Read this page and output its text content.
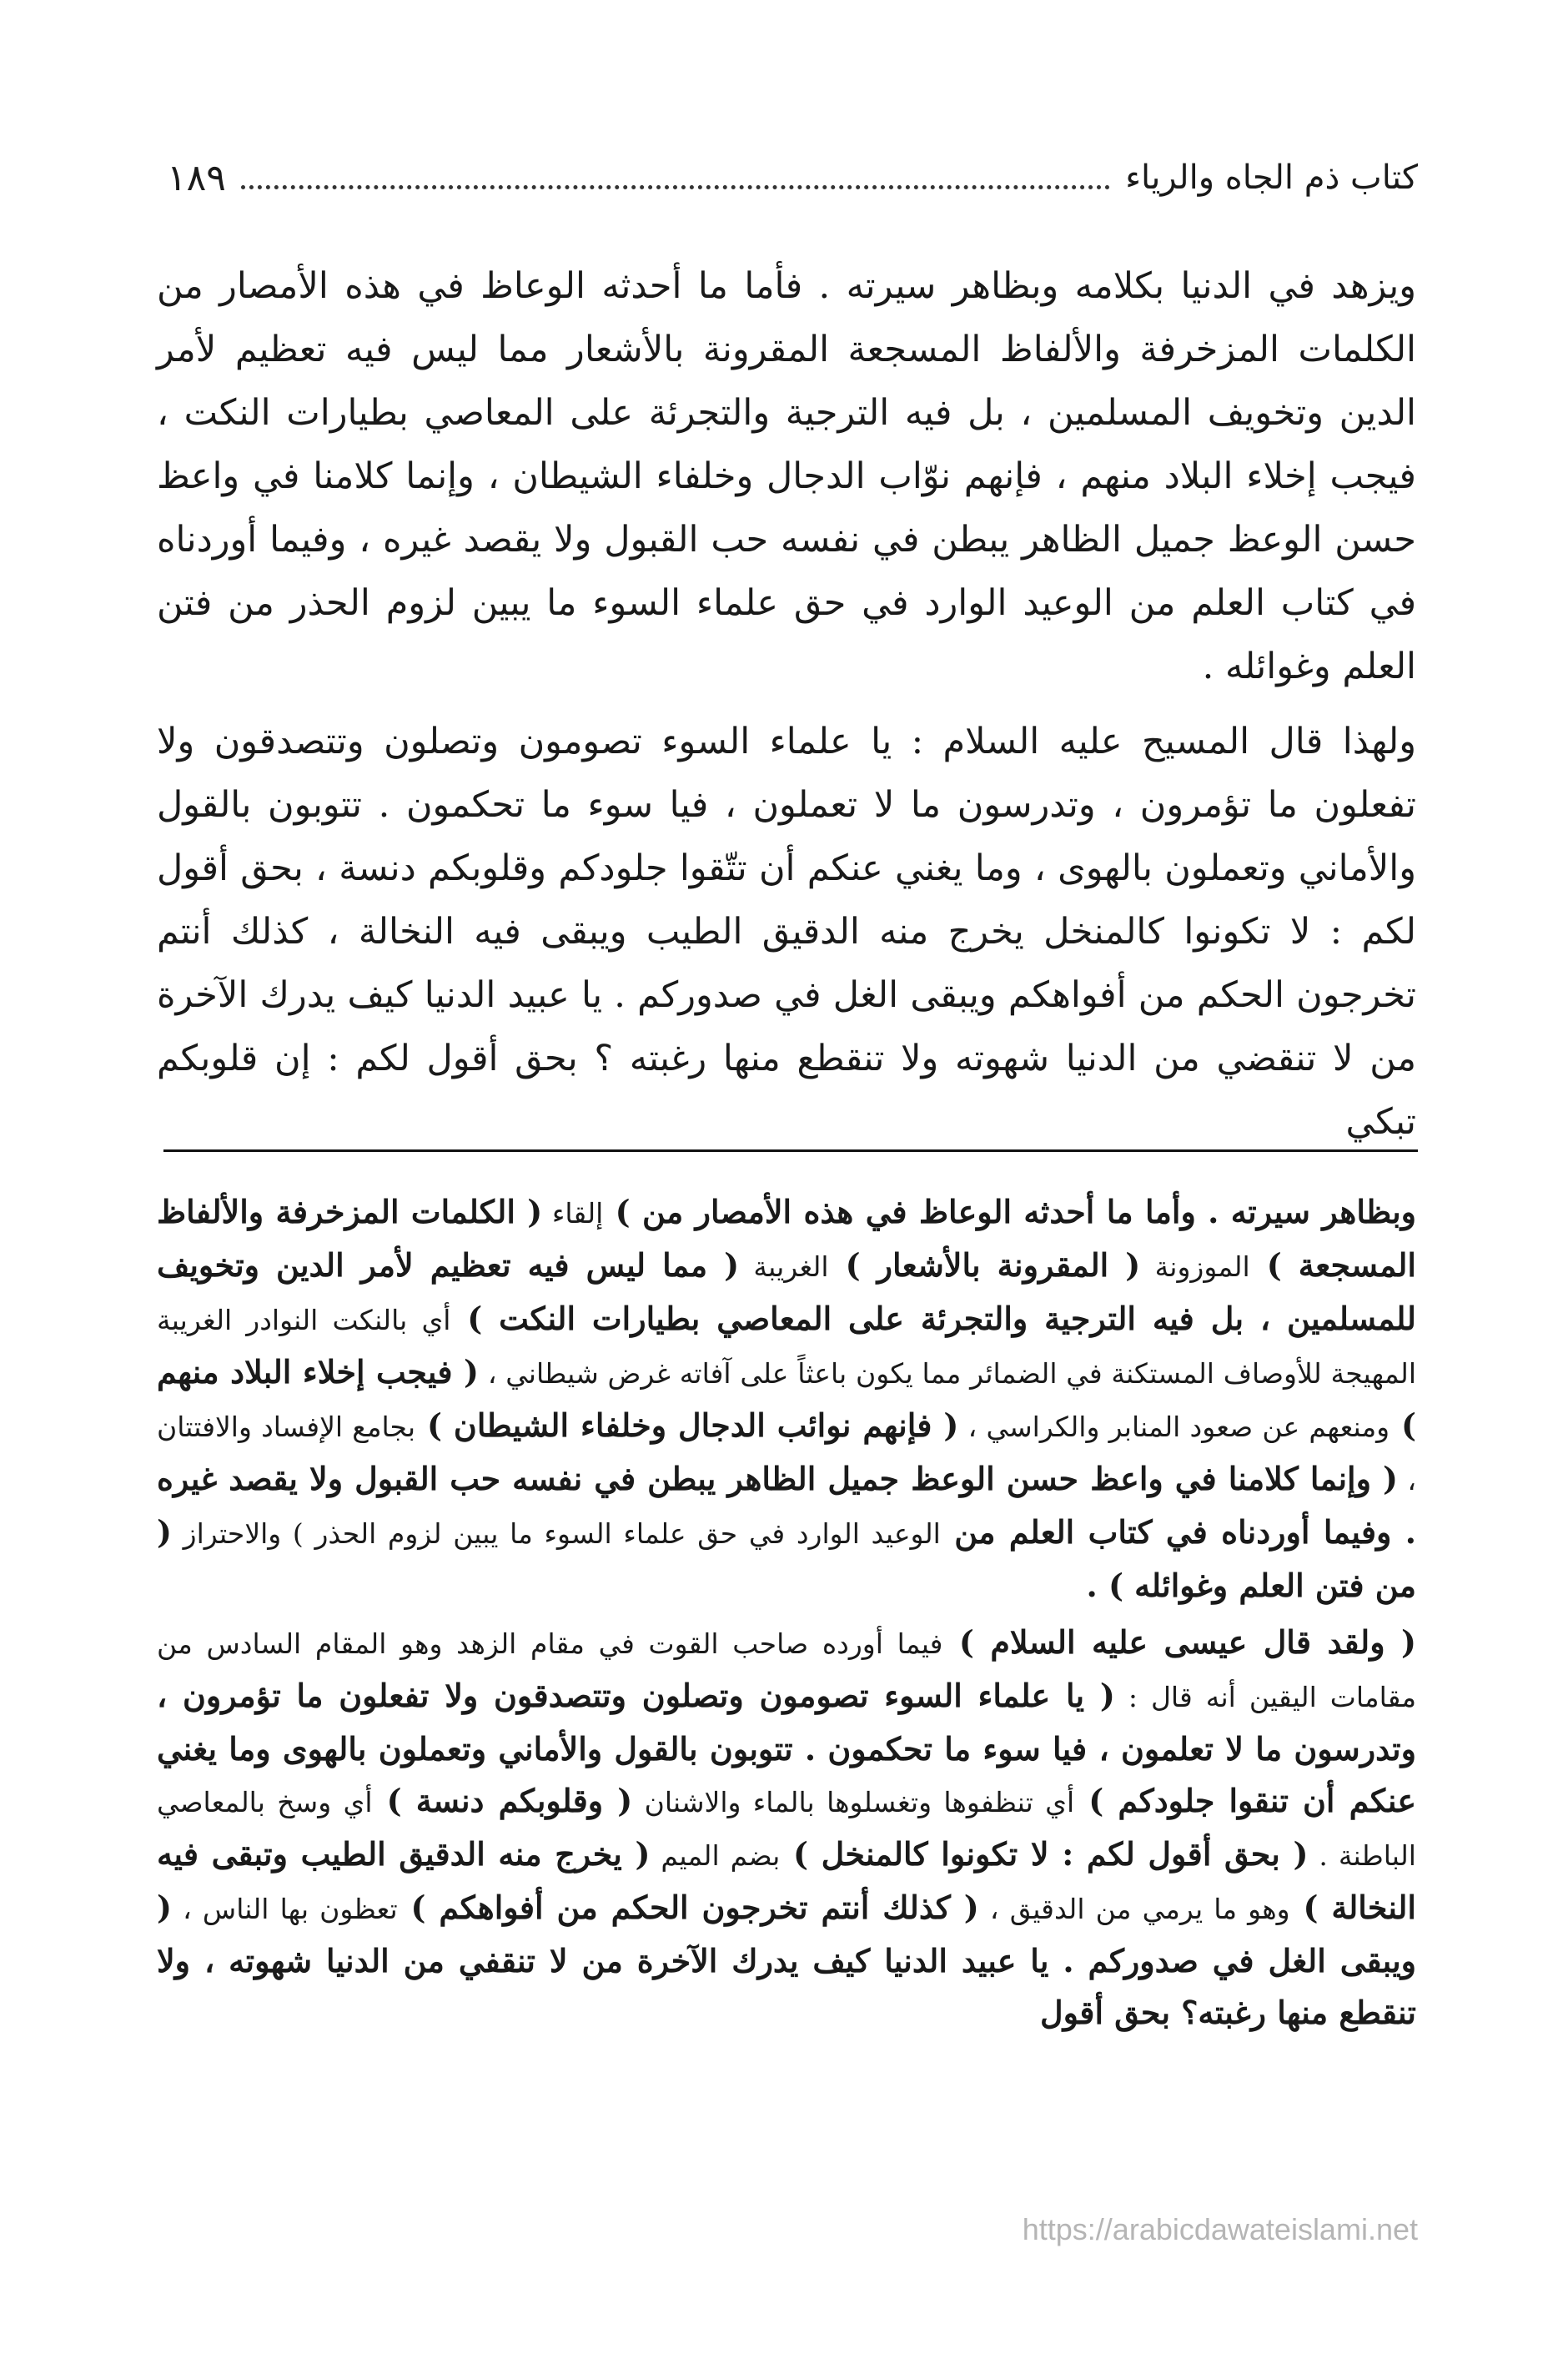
كتاب ذم الجاه والرياء
١٨٩

ويزهد في الدنيا بكلامه وبظاهر سيرته . فأما ما أحدثه الوعاظ في هذه الأمصار من الكلمات المزخرفة والألفاظ المسجعة المقرونة بالأشعار مما ليس فيه تعظيم لأمر الدين وتخويف المسلمين ، بل فيه الترجية والتجرئة على المعاصي بطيارات النكت ، فيجب إخلاء البلاد منهم ، فإنهم نوّاب الدجال وخلفاء الشيطان ، وإنما كلامنا في واعظ حسن الوعظ جميل الظاهر يبطن في نفسه حب القبول ولا يقصد غيره ، وفيما أوردناه في كتاب العلم من الوعيد الوارد في حق علماء السوء ما يبين لزوم الحذر من فتن العلم وغوائله .

ولهذا قال المسيح عليه السلام : يا علماء السوء تصومون وتصلون وتتصدقون ولا تفعلون ما تؤمرون ، وتدرسون ما لا تعملون ، فيا سوء ما تحكمون . تتوبون بالقول والأماني وتعملون بالهوى ، وما يغني عنكم أن تتّقوا جلودكم وقلوبكم دنسة ، بحق أقول لكم : لا تكونوا كالمنخل يخرج منه الدقيق الطيب ويبقى فيه النخالة ، كذلك أنتم تخرجون الحكم من أفواهكم ويبقى الغل في صدوركم . يا عبيد الدنيا كيف يدرك الآخرة من لا تنقضي من الدنيا شهوته ولا تنقطع منها رغبته ؟ بحق أقول لكم : إن قلوبكم تبكي

وبظاهر سيرته . وأما ما أحدثه الوعاظ في هذه الأمصار من ) إلقاء ( الكلمات المزخرفة والألفاظ المسجعة ) الموزونة ( المقرونة بالأشعار ) الغريبة ( مما ليس فيه تعظيم لأمر الدين وتخويف للمسلمين ، بل فيه الترجية والتجرئة على المعاصي بطيارات النكت ) أي بالنكت النوادر الغريبة المهيجة للأوصاف المستكنة في الضمائر مما يكون باعثاً على آفاته غرض شيطاني ، ( فيجب إخلاء البلاد منهم ) ومنعهم عن صعود المنابر والكراسي ، ( فإنهم نوائب الدجال وخلفاء الشيطان ) بجامع الإفساد والافتتان ، ( وإنما كلامنا في واعظ حسن الوعظ جميل الظاهر يبطن في نفسه حب القبول ولا يقصد غيره . وفيما أوردناه في كتاب العلم من الوعيد الوارد في حق علماء السوء ما يبين لزوم الحذر ) والاحتراز ( من فتن العلم وغوائله ) .

( ولقد قال عيسى عليه السلام ) فيما أورده صاحب القوت في مقام الزهد وهو المقام السادس من مقامات اليقين أنه قال : ( يا علماء السوء تصومون وتصلون وتتصدقون ولا تفعلون ما تؤمرون ، وتدرسون ما لا تعلمون ، فيا سوء ما تحكمون . تتوبون بالقول والأماني وتعملون بالهوى وما يغني عنكم أن تنقوا جلودكم ) أي تنظفوها وتغسلوها بالماء والاشنان ( وقلوبكم دنسة ) أي وسخ بالمعاصي الباطنة . ( بحق أقول لكم : لا تكونوا كالمنخل ) بضم الميم ( يخرج منه الدقيق الطيب وتبقى فيه النخالة ) وهو ما يرمي من الدقيق ، ( كذلك أنتم تخرجون الحكم من أفواهكم ) تعظون بها الناس ، ( ويبقى الغل في صدوركم . يا عبيد الدنيا كيف يدرك الآخرة من لا تنقفي من الدنيا شهوته ، ولا تنقطع منها رغبته؟ بحق أقول

https://arabicdawateislami.net
